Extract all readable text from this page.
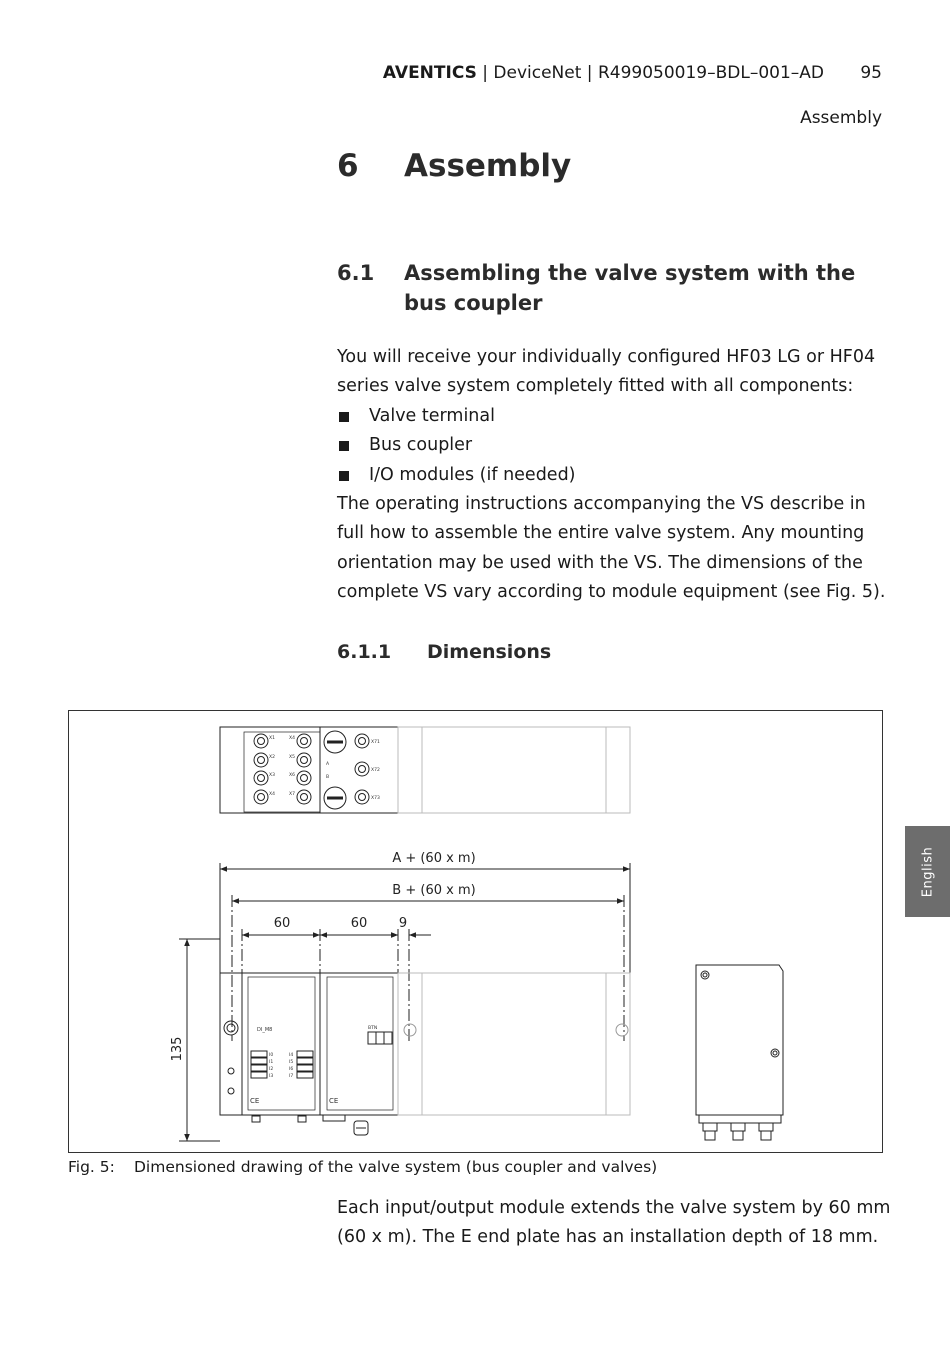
AVENTICS | DeviceNet | R499050019–BDL–001–AD 95
Assembly
6 Assembly
6.1 Assembling the valve system with the bus coupler

You will receive your individually configured HF03 LG or HF04 series valve system completely fitted with all components:

Valve terminal
Bus coupler
I/O modules (if needed)

The operating instructions accompanying the VS describe in full how to assemble the entire valve system. Any mounting orientation may be used with the VS. The dimensions of the complete VS vary according to module equipment (see Fig. 5).

6.1.1 Dimensions
X1	X4
X2	X5
X3	X6
X4	X7
X71
X72
X73
A
B
A + (60 x m)
B + (60 x m)
60	60 9
135
DI_M8	BTN
I0
I1
I2
I3
I4
I5
I6
I7
CE	CE
Fig. 5: Dimensioned drawing of the valve system (bus coupler and valves)

Each input/output module extends the valve system by 60 mm (60 x m). The E end plate has an installation depth of 18 mm.

English
